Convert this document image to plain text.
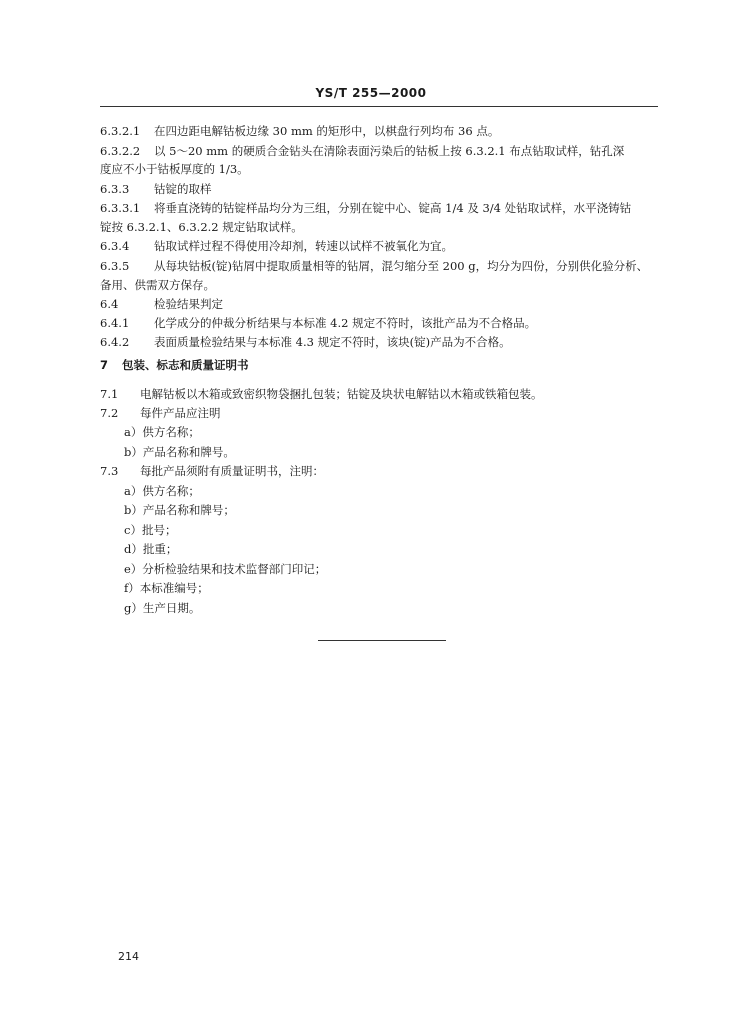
YS/T 255—2000
6.3.2.1 在四边距电解钴板边缘 30 mm 的矩形中，以棋盘行列均布 36 点。
6.3.2.2 以 5～20 mm 的硬质合金钻头在清除表面污染后的钴板上按 6.3.2.1 布点钻取试样，钻孔深
度应不小于钴板厚度的 1/3。
6.3.3 钴锭的取样
6.3.3.1 将垂直浇铸的钴锭样品均分为三组，分别在锭中心、锭高 1/4 及 3/4 处钻取试样，水平浇铸钴
锭按 6.3.2.1、6.3.2.2 规定钻取试样。
6.3.4 钻取试样过程不得使用冷却剂，转速以试样不被氧化为宜。
6.3.5 从每块钴板(锭)钻屑中提取质量相等的钻屑，混匀缩分至 200 g，均分为四份，分别供化验分析、
备用、供需双方保存。
6.4	检验结果判定
6.4.1 化学成分的仲裁分析结果与本标准 4.2 规定不符时，该批产品为不合格品。
6.4.2 表面质量检验结果与本标准 4.3 规定不符时，该块(锭)产品为不合格。
7 包装、标志和质量证明书
7.1 电解钴板以木箱或致密织物袋捆扎包装；钴锭及块状电解钴以木箱或铁箱包装。
7.2 每件产品应注明
a）供方名称；
b）产品名称和牌号。
7.3 每批产品须附有质量证明书，注明：
a）供方名称；
b）产品名称和牌号；
c）批号；
d）批重；
e）分析检验结果和技术监督部门印记；
f）本标准编号；
g）生产日期。
214
